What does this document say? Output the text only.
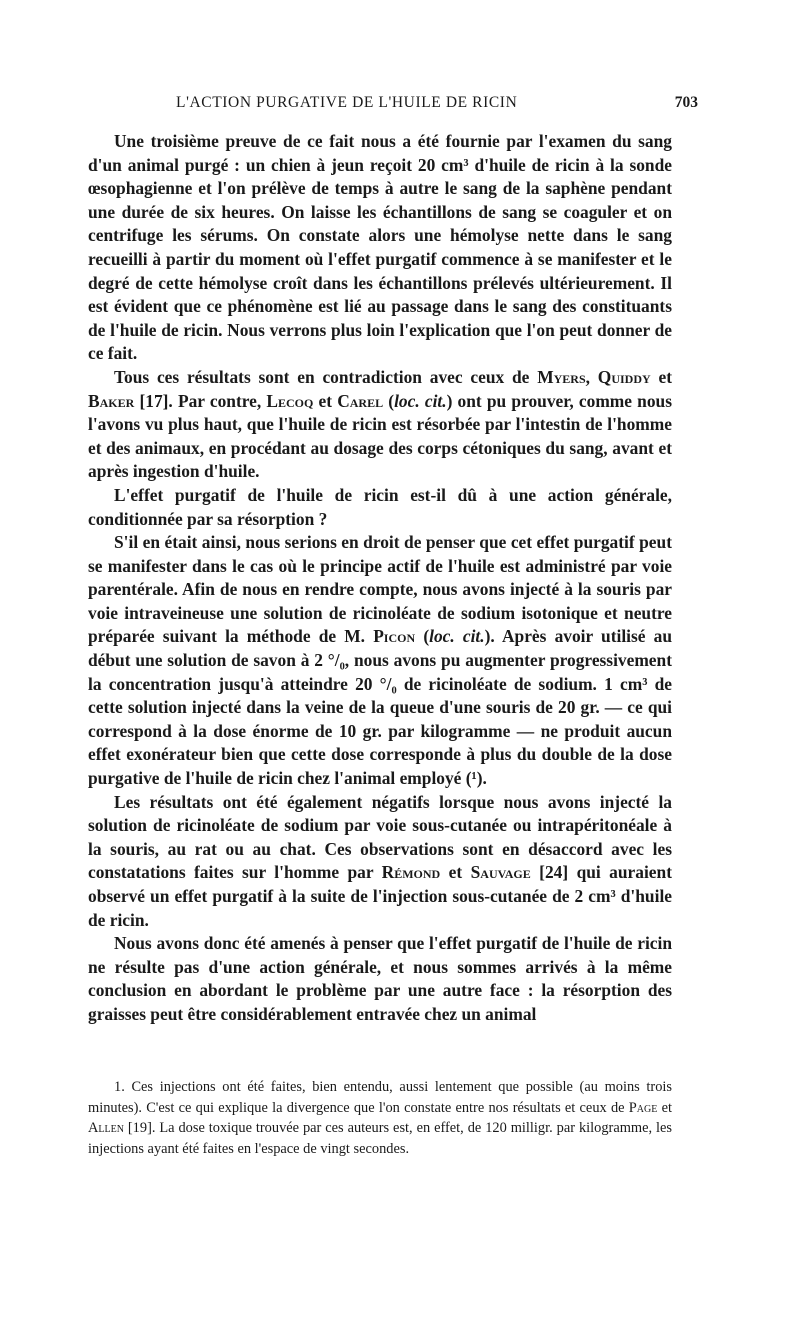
L'ACTION PURGATIVE DE L'HUILE DE RICIN	703

Une troisième preuve de ce fait nous a été fournie par l'examen du sang d'un animal purgé : un chien à jeun reçoit 20 cm³ d'huile de ricin à la sonde œsophagienne et l'on prélève de temps à autre le sang de la saphène pendant une durée de six heures. On laisse les échantillons de sang se coaguler et on centrifuge les sérums. On constate alors une hémolyse nette dans le sang recueilli à partir du moment où l'effet purgatif commence à se manifester et le degré de cette hémolyse croît dans les échantillons prélevés ultérieurement. Il est évident que ce phénomène est lié au passage dans le sang des constituants de l'huile de ricin. Nous verrons plus loin l'explication que l'on peut donner de ce fait.

Tous ces résultats sont en contradiction avec ceux de Myers, Quiddy et Baker [17]. Par contre, Lecoq et Carel (loc. cit.) ont pu prouver, comme nous l'avons vu plus haut, que l'huile de ricin est résorbée par l'intestin de l'homme et des animaux, en procédant au dosage des corps cétoniques du sang, avant et après ingestion d'huile.

L'effet purgatif de l'huile de ricin est-il dû à une action générale, conditionnée par sa résorption ?

S'il en était ainsi, nous serions en droit de penser que cet effet purgatif peut se manifester dans le cas où le principe actif de l'huile est administré par voie parentérale. Afin de nous en rendre compte, nous avons injecté à la souris par voie intraveineuse une solution de ricinoléate de sodium isotonique et neutre préparée suivant la méthode de M. Picon (loc. cit.). Après avoir utilisé au début une solution de savon à 2 °/₀, nous avons pu augmenter progressivement la concentration jusqu'à atteindre 20 °/₀ de ricinoléate de sodium. 1 cm³ de cette solution injecté dans la veine de la queue d'une souris de 20 gr. — ce qui correspond à la dose énorme de 10 gr. par kilogramme — ne produit aucun effet exonérateur bien que cette dose corresponde à plus du double de la dose purgative de l'huile de ricin chez l'animal employé (¹).

Les résultats ont été également négatifs lorsque nous avons injecté la solution de ricinoléate de sodium par voie sous-cutanée ou intrapéritonéale à la souris, au rat ou au chat. Ces observations sont en désaccord avec les constatations faites sur l'homme par Rémond et Sauvage [24] qui auraient observé un effet purgatif à la suite de l'injection sous-cutanée de 2 cm³ d'huile de ricin.

Nous avons donc été amenés à penser que l'effet purgatif de l'huile de ricin ne résulte pas d'une action générale, et nous sommes arrivés à la même conclusion en abordant le problème par une autre face : la résorption des graisses peut être considérablement entravée chez un animal

1. Ces injections ont été faites, bien entendu, aussi lentement que possible (au moins trois minutes). C'est ce qui explique la divergence que l'on constate entre nos résultats et ceux de Page et Allen [19]. La dose toxique trouvée par ces auteurs est, en effet, de 120 milligr. par kilogramme, les injections ayant été faites en l'espace de vingt secondes.
